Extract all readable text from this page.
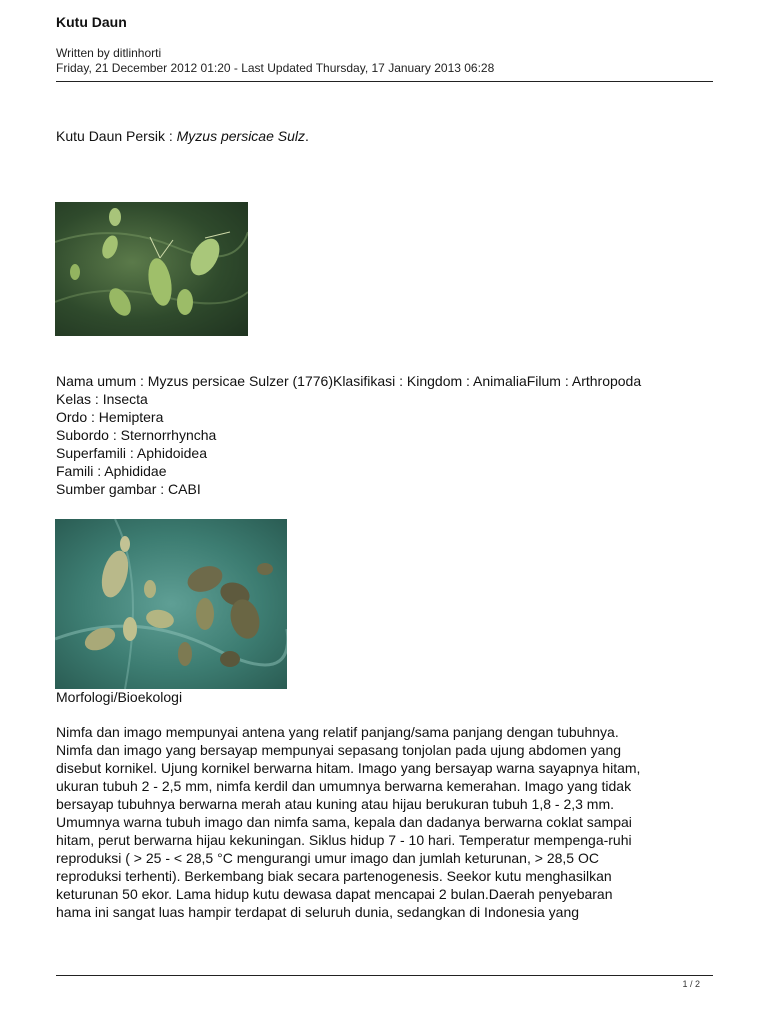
Kutu Daun
Written by ditlinhorti
Friday, 21 December 2012 01:20 - Last Updated Thursday, 17 January 2013 06:28
Kutu Daun Persik : Myzus persicae Sulz.
Nama umum : Myzus persicae Sulzer (1776)Klasifikasi : Kingdom : AnimaliaFilum : Arthropoda
Kelas : Insecta
Ordo : Hemiptera
Subordo : Sternorrhyncha
Superfamili : Aphidoidea
Famili : Aphididae
Sumber gambar : CABI
Morfologi/Bioekologi
Nimfa dan imago mempunyai antena yang relatif panjang/sama panjang dengan tubuhnya.
Nimfa dan imago yang bersayap mempunyai sepasang tonjolan pada ujung abdomen yang
disebut kornikel. Ujung kornikel berwarna hitam. Imago yang bersayap warna sayapnya hitam,
ukuran tubuh 2 - 2,5 mm, nimfa kerdil dan umumnya berwarna kemerahan. Imago yang tidak
bersayap tubuhnya berwarna merah atau kuning atau hijau berukuran tubuh 1,8 - 2,3 mm.
Umumnya warna tubuh imago dan nimfa sama, kepala dan dadanya berwarna coklat sampai
hitam, perut berwarna hijau kekuningan. Siklus hidup 7 - 10 hari. Temperatur mempenga-ruhi
reproduksi ( > 25 - < 28,5 °C mengurangi umur imago dan jumlah keturunan, > 28,5 OC
reproduksi terhenti). Berkembang biak secara partenogenesis. Seekor kutu menghasilkan
keturunan 50 ekor. Lama hidup kutu dewasa dapat mencapai 2 bulan.Daerah penyebaran
hama ini sangat luas hampir terdapat di seluruh dunia, sedangkan di Indonesia yang
1 / 2
